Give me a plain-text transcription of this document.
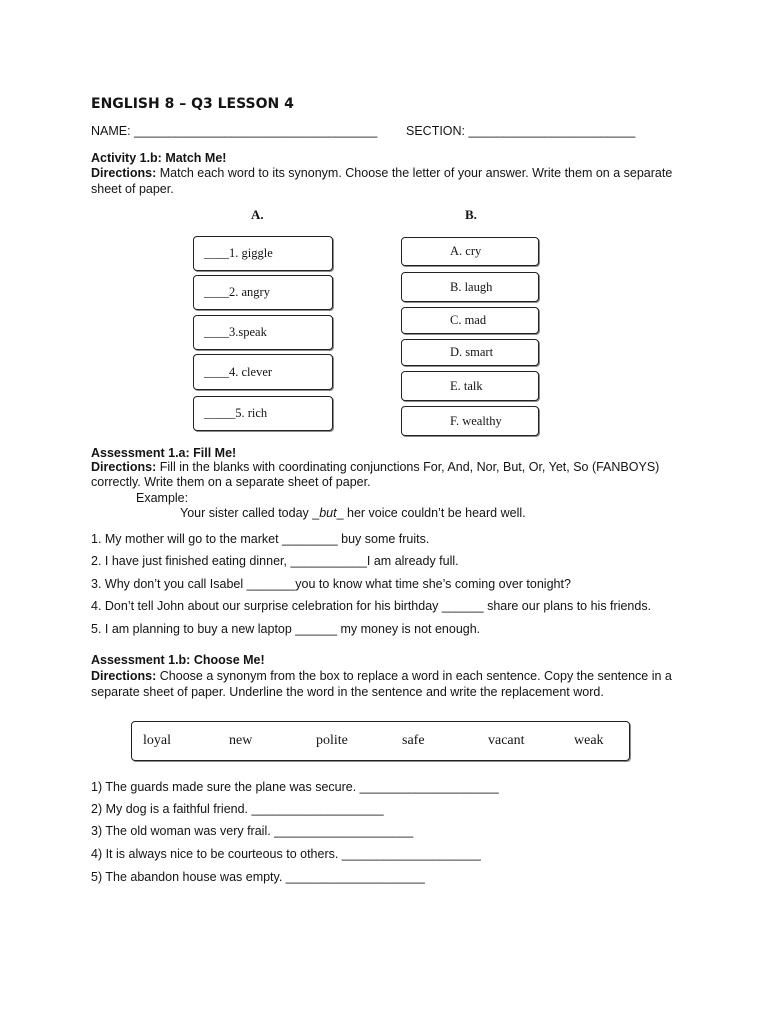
ENGLISH 8 – Q3 LESSON 4
NAME: ___________________________________ SECTION: ________________________
Activity 1.b: Match Me!
Directions: Match each word to its synonym. Choose the letter of your answer. Write them on a separate sheet of paper.
A.	B.
____1. giggle
____2. angry
____3.speak
____4. clever
_____5. rich
A. cry
B. laugh
C. mad
D. smart
E. talk
F. wealthy
Assessment 1.a: Fill Me!
Directions: Fill in the blanks with coordinating conjunctions For, And, Nor, But, Or, Yet, So (FANBOYS) correctly. Write them on a separate sheet of paper.
Example:
Your sister called today _but_ her voice couldn’t be heard well.
1. My mother will go to the market ________ buy some fruits.
2. I have just finished eating dinner, ___________I am already full.
3. Why don’t you call Isabel _______you to know what time she’s coming over tonight?
4. Don’t tell John about our surprise celebration for his birthday ______ share our plans to his friends.
5. I am planning to buy a new laptop ______ my money is not enough.
Assessment 1.b: Choose Me!
Directions: Choose a synonym from the box to replace a word in each sentence. Copy the sentence in a separate sheet of paper. Underline the word in the sentence and write the replacement word.
loyal	new	polite	safe	vacant	weak
1) The guards made sure the plane was secure. ____________________
2) My dog is a faithful friend. ___________________
3) The old woman was very frail. ____________________
4) It is always nice to be courteous to others. ____________________
5) The abandon house was empty. ____________________
